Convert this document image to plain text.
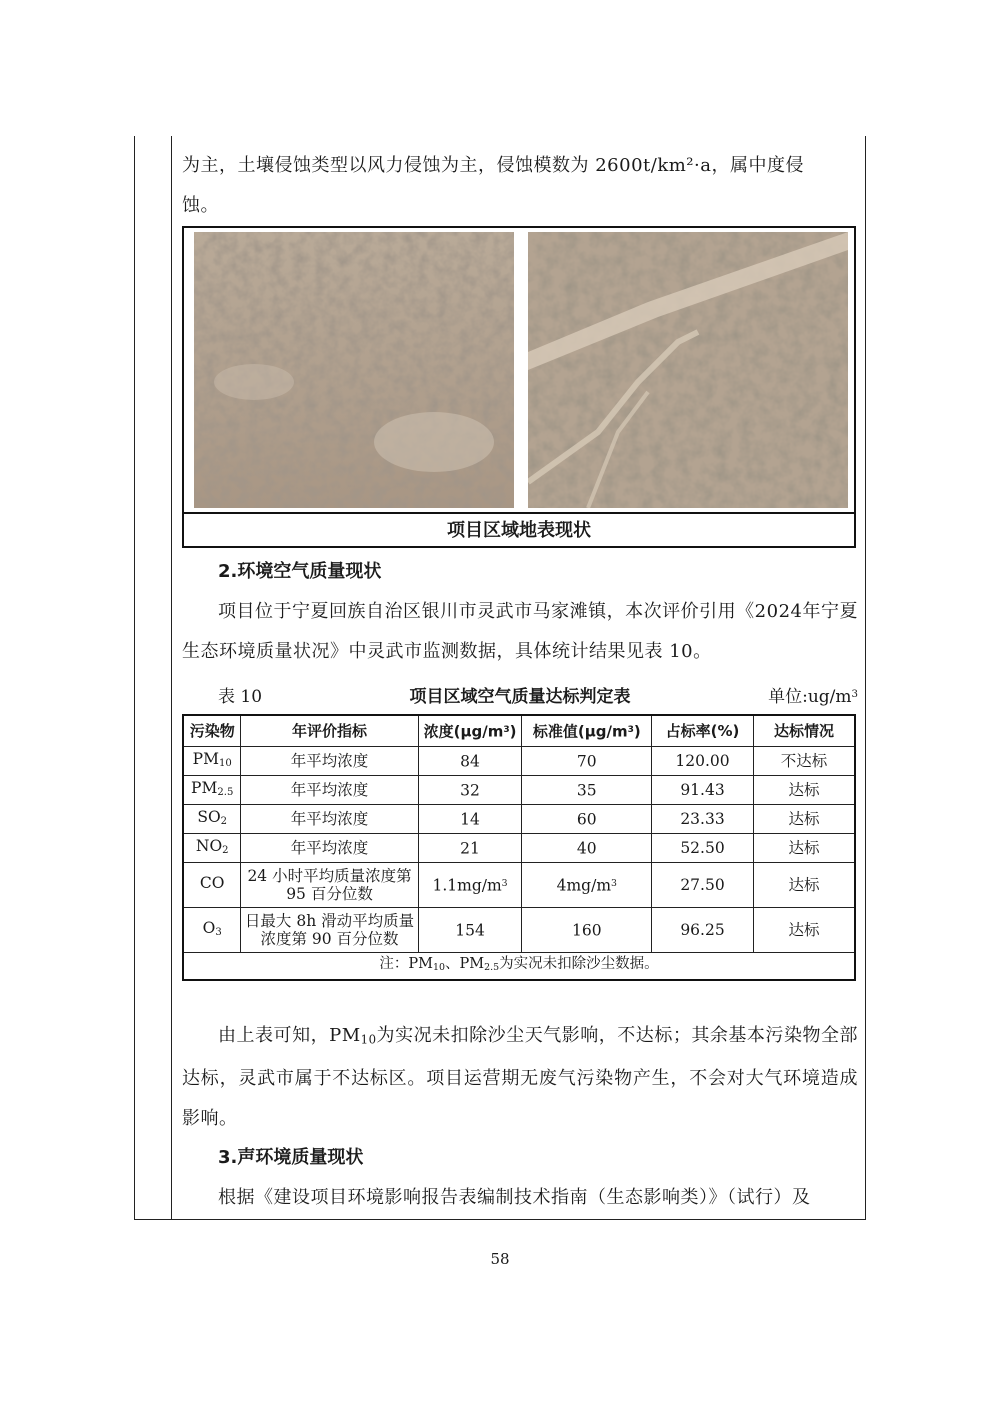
为主，土壤侵蚀类型以风力侵蚀为主，侵蚀模数为 2600t/km²·a，属中度侵

蚀。

项目区域地表现状

2.环境空气质量现状

项目位于宁夏回族自治区银川市灵武市马家滩镇，本次评价引用《2024年宁夏生态环境质量状况》中灵武市监测数据，具体统计结果见表 10。

表 10	项目区域空气质量达标判定表	单位$:ug/m^3$
污染物	年评价指标	浓度$(\mu g/m^3)$	标准值$(\mu g/m^3)$	占标率(%)	达标情况
$PM_{10}$	年平均浓度	84	70	120.00	不达标
$PM_{2.5}$	年平均浓度	32	35	91.43	达标
$SO_2$	年平均浓度	14	60	23.33	达标
$NO_2$	年平均浓度	21	40	52.50	达标
CO	24 小时平均质量浓度第 95 百分位数	$1.1mg/m^3$	$4mg/m^3$	27.50	达标
$O_3$	日最大 8h 滑动平均质量浓度第 90 百分位数	154	160	96.25	达标
注：$PM_{10}$、$PM_{2.5}$为实况未扣除沙尘数据。					

由上表可知，$PM_{10}$为实况未扣除沙尘天气影响，不达标；其余基本污染物全部达标，灵武市属于不达标区。项目运营期无废气污染物产生，不会对大气环境造成影响。

3.声环境质量现状

根据《建设项目环境影响报告表编制技术指南（生态影响类）》（试行）及

58
